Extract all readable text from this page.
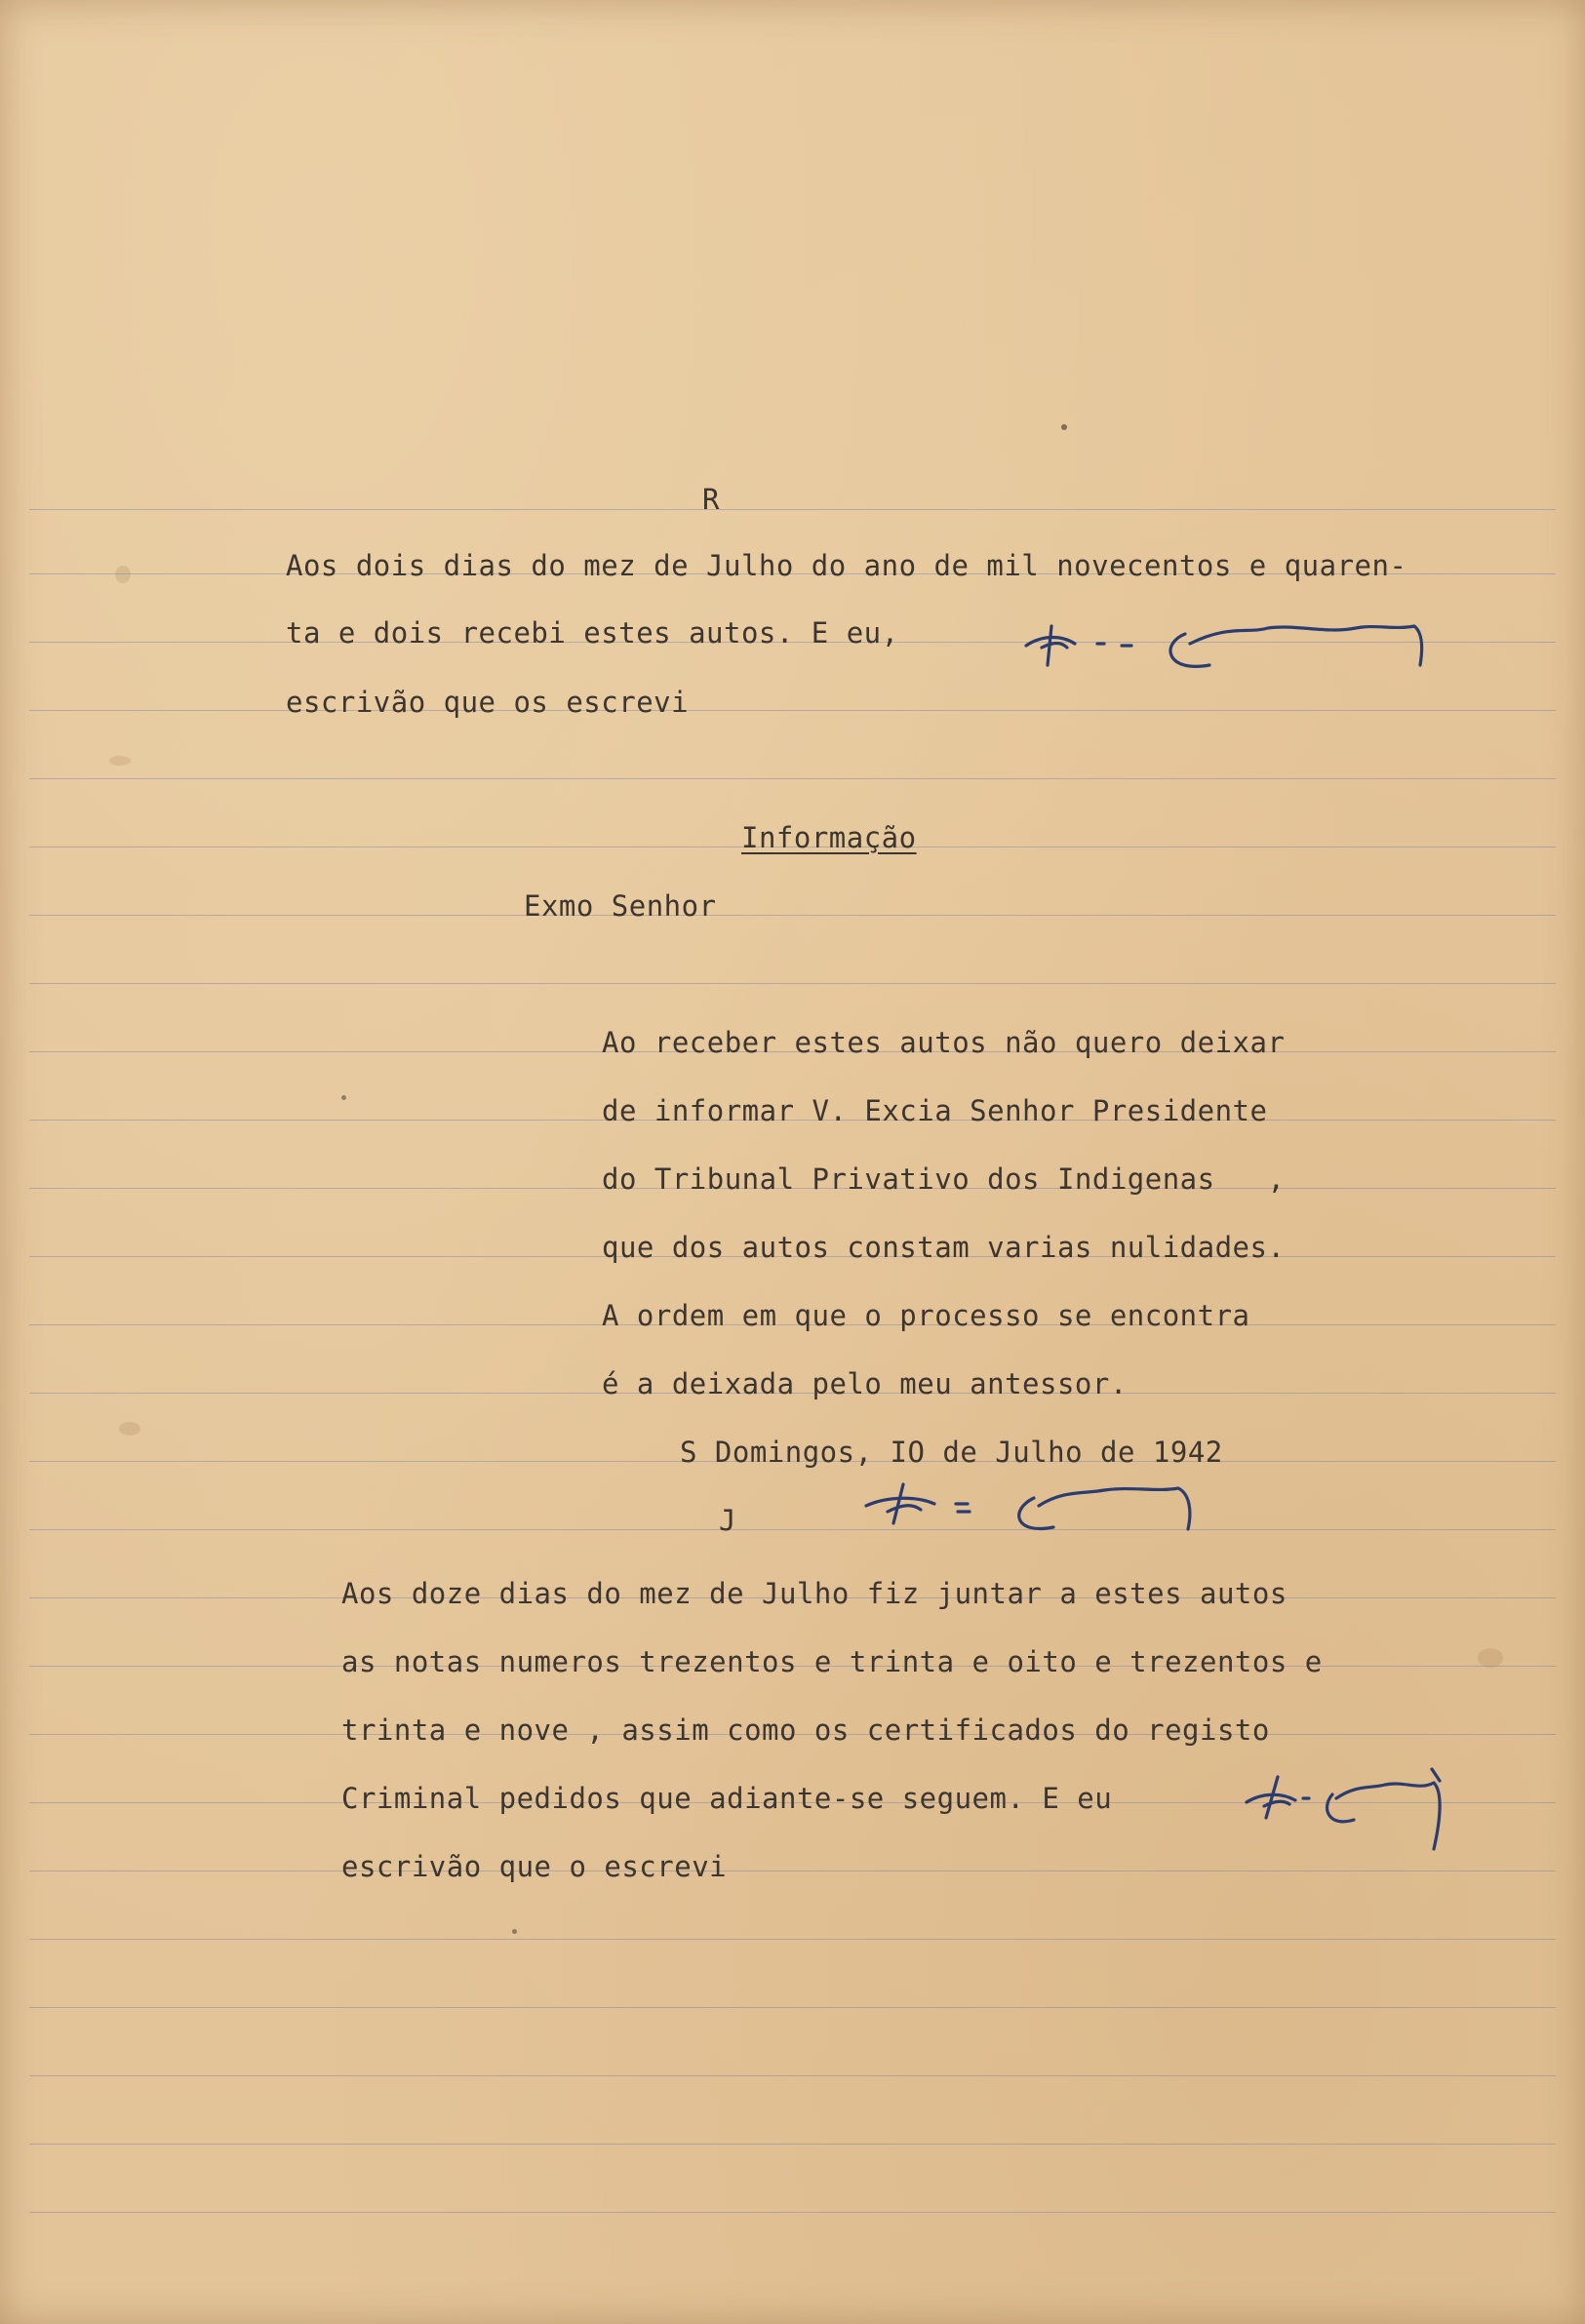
R
Aos dois dias do mez de Julho do ano de mil novecentos e quaren-
ta e dois recebi estes autos. E eu,
escrivão que os escrevi
Informação
Exmo Senhor
Ao receber estes autos não quero deixar
de informar V. Excia Senhor Presidente
do Tribunal Privativo dos Indigenas   ,
que dos autos constam varias nulidades.
A ordem em que o processo se encontra
é a deixada pelo meu antessor.
S Domingos, IO de Julho de 1942
J
Aos doze dias do mez de Julho fiz juntar a estes autos
as notas numeros trezentos e trinta e oito e trezentos e
trinta e nove , assim como os certificados do registo
Criminal pedidos que adiante-se seguem. E eu
escrivão que o escrevi
